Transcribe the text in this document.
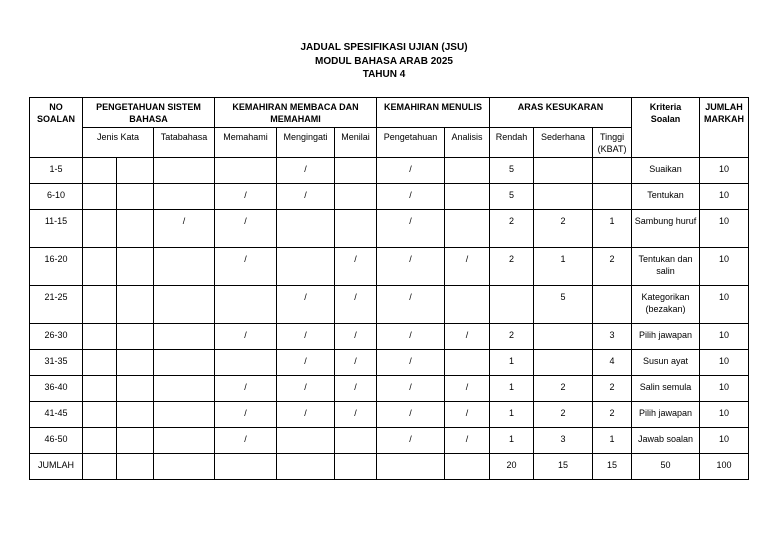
JADUAL SPESIFIKASI UJIAN (JSU)
MODUL BAHASA ARAB 2025
TAHUN 4
NO SOALAN	PENGETAHUAN SISTEM BAHASA			KEMAHIRAN MEMBACA DAN MEMAHAMI			KEMAHIRAN MENULIS		ARAS KESUKARAN			Kriteria Soalan	JUMLAH MARKAH
	Jenis Kata		Tatabahasa	Memahami	Mengingati	Menilai	Pengetahuan	Analisis	Rendah	Sederhana	Tinggi (KBAT)		
1-5					/		/		5			Suaikan	10
6-10				/	/		/		5			Tentukan	10
11-15			/	/			/		2	2	1	Sambung huruf	10
16-20				/		/	/	/	2	1	2	Tentukan dan salin	10
21-25					/	/	/			5		Kategorikan (bezakan)	10
26-30				/	/	/	/	/	2		3	Pilih jawapan	10
31-35					/	/	/		1		4	Susun ayat	10
36-40				/	/	/	/	/	1	2	2	Salin semula	10
41-45				/	/	/	/	/	1	2	2	Pilih jawapan	10
46-50				/			/	/	1	3	1	Jawab soalan	10
JUMLAH									20	15	15	50	100
